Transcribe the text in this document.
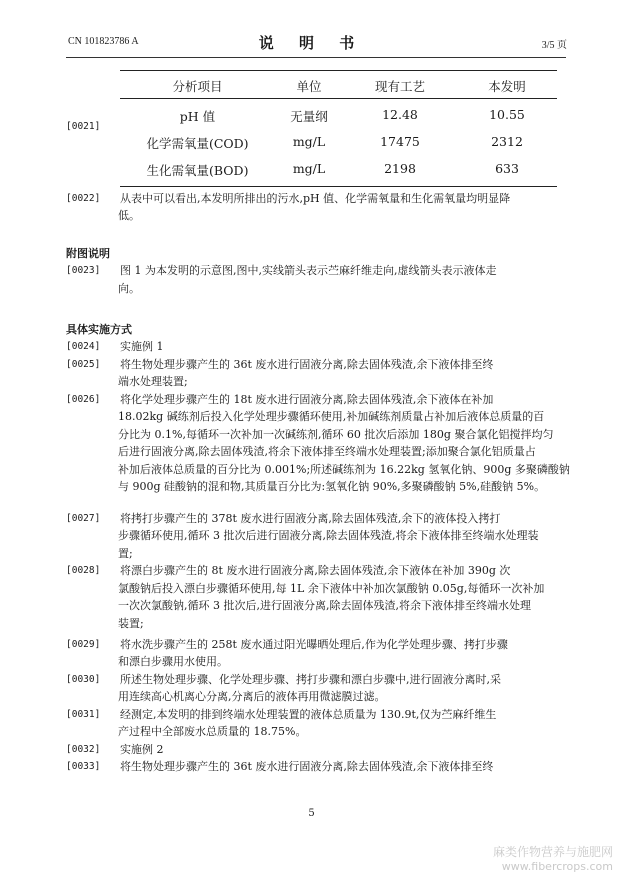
CN 101823786 A	说 明 书	3/5 页
[0021]
分析项目	单位	现有工艺	本发明
pH 值	无量纲	12.48	10.55
化学需氧量(COD)	mg/L	17475	2312
生化需氧量(BOD)	mg/L	2198	633
[0022]
[0023]
[0024]
[0025]
[0026]
[0027]
[0028]
[0029]
[0030]
[0031]
[0032]
[0033]
附图说明
具体实施方式
从表中可以看出,本发明所排出的污水,pH 值、化学需氧量和生化需氧量均明显降
低。
图 1 为本发明的示意图,图中,实线箭头表示苎麻纤维走向,虚线箭头表示液体走
向。
实施例 1
将生物处理步骤产生的 36t 废水进行固液分离,除去固体残渣,余下液体排至终
端水处理装置;
将化学处理步骤产生的 18t 废水进行固液分离,除去固体残渣,余下液体在补加
18.02kg 碱练剂后投入化学处理步骤循环使用,补加碱练剂质量占补加后液体总质量的百
分比为 0.1%,每循环一次补加一次碱练剂,循环 60 批次后添加 180g 聚合氯化铝搅拌均匀
后进行固液分离,除去固体残渣,将余下液体排至终端水处理装置;添加聚合氯化铝质量占
补加后液体总质量的百分比为 0.001%;所述碱练剂为 16.22kg 氢氧化钠、900g 多聚磷酸钠
与 900g 硅酸钠的混和物,其质量百分比为:氢氧化钠 90%,多聚磷酸钠 5%,硅酸钠 5%。
将拷打步骤产生的 378t 废水进行固液分离,除去固体残渣,余下的液体投入拷打
步骤循环使用,循环 3 批次后进行固液分离,除去固体残渣,将余下液体排至终端水处理装
置;
将漂白步骤产生的 8t 废水进行固液分离,除去固体残渣,余下液体在补加 390g 次
氯酸钠后投入漂白步骤循环使用,每 1L 余下液体中补加次氯酸钠 0.05g,每循环一次补加
一次次氯酸钠,循环 3 批次后,进行固液分离,除去固体残渣,将余下液体排至终端水处理
装置;
将水洗步骤产生的 258t 废水通过阳光曝晒处理后,作为化学处理步骤、拷打步骤
和漂白步骤用水使用。
所述生物处理步骤、化学处理步骤、拷打步骤和漂白步骤中,进行固液分离时,采
用连续高心机离心分离,分离后的液体再用微滤膜过滤。
经测定,本发明的排到终端水处理装置的液体总质量为 130.9t,仅为苎麻纤维生
产过程中全部废水总质量的 18.75%。
实施例 2
将生物处理步骤产生的 36t 废水进行固液分离,除去固体残渣,余下液体排至终
5
麻类作物营养与施肥网
www.fibercrops.com
